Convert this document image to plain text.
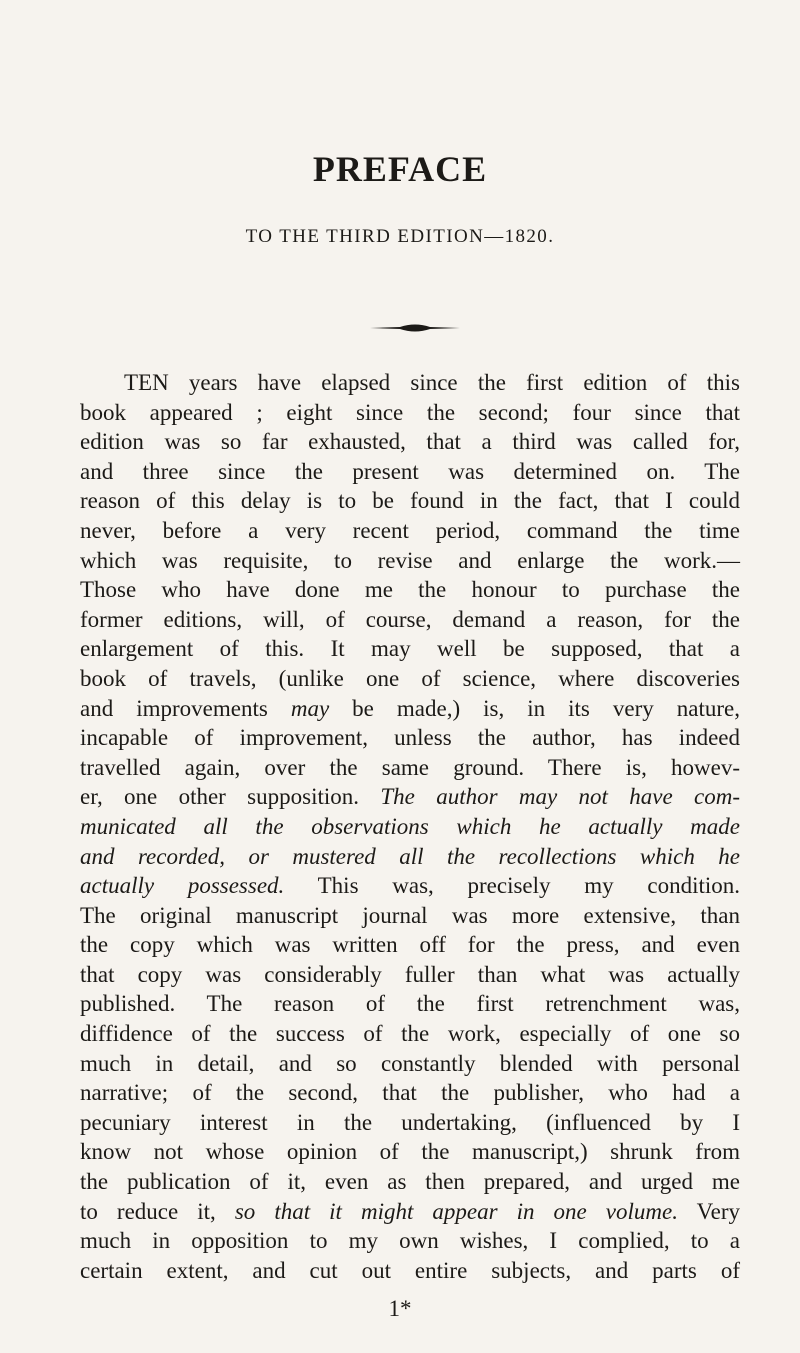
PREFACE
TO THE THIRD EDITION—1820.
TEN years have elapsed since the first edition of this
book appeared ; eight since the second; four since that
edition was so far exhausted, that a third was called for,
and three since the present was determined on. The
reason of this delay is to be found in the fact, that I could
never, before a very recent period, command the time
which was requisite, to revise and enlarge the work.—
Those who have done me the honour to purchase the
former editions, will, of course, demand a reason, for the
enlargement of this. It may well be supposed, that a
book of travels, (unlike one of science, where discoveries
and improvements may be made,) is, in its very nature,
incapable of improvement, unless the author, has indeed
travelled again, over the same ground. There is, howev-
er, one other supposition. The author may not have com-
municated all the observations which he actually made
and recorded, or mustered all the recollections which he
actually possessed. This was, precisely my condition.
The original manuscript journal was more extensive, than
the copy which was written off for the press, and even
that copy was considerably fuller than what was actually
published. The reason of the first retrenchment was,
diffidence of the success of the work, especially of one so
much in detail, and so constantly blended with personal
narrative; of the second, that the publisher, who had a
pecuniary interest in the undertaking, (influenced by I
know not whose opinion of the manuscript,) shrunk from
the publication of it, even as then prepared, and urged me
to reduce it, so that it might appear in one volume. Very
much in opposition to my own wishes, I complied, to a
certain extent, and cut out entire subjects, and parts of
1*
